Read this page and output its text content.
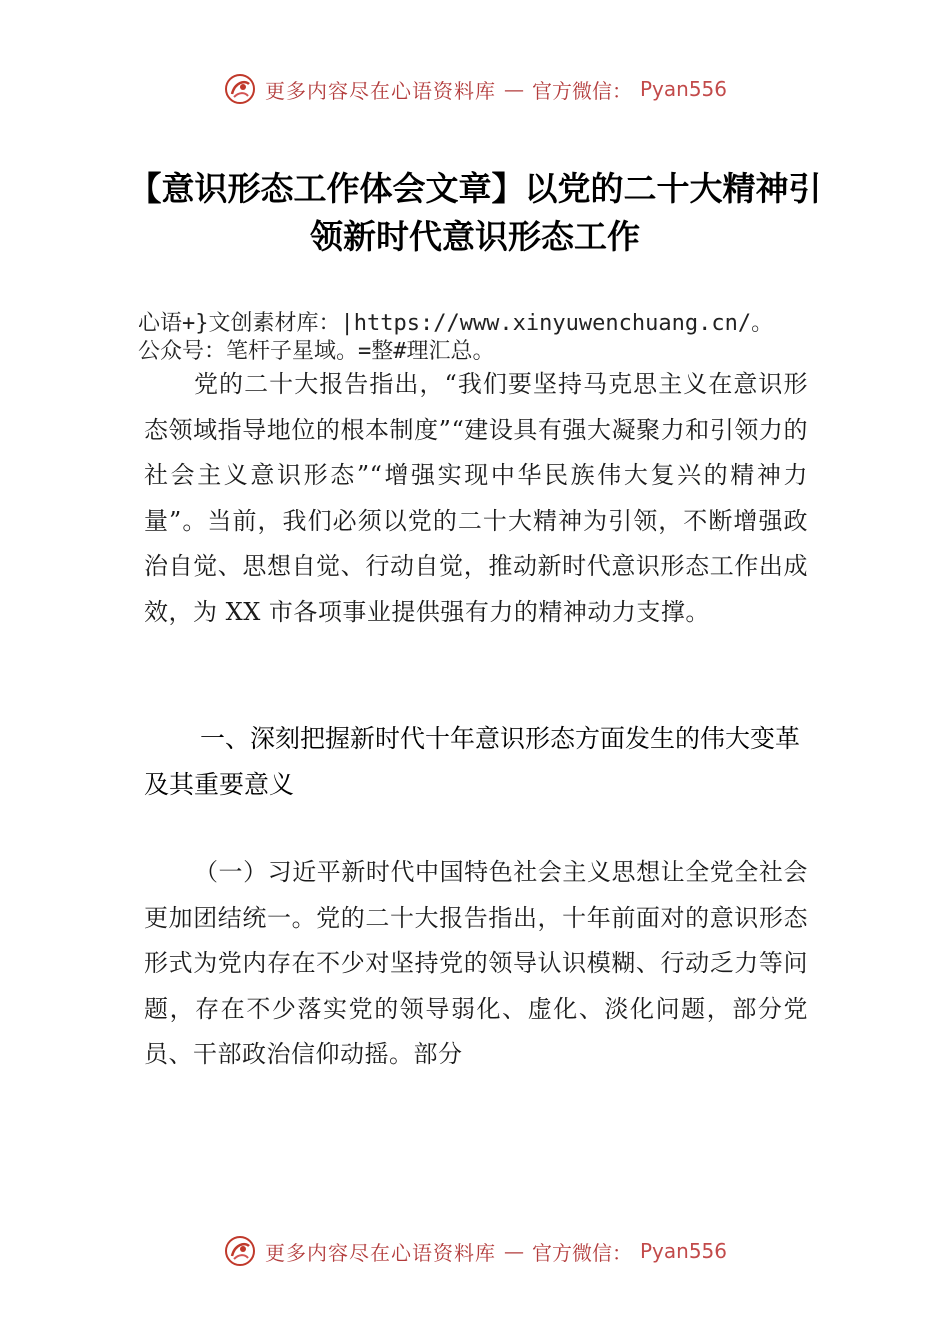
更多内容尽在心语资料库 — 官方微信： Pyan556
【意识形态工作体会文章】以党的二十大精神引领新时代意识形态工作
心语+}文创素材库：|https://www.xinyuwenchuang.cn/。
公众号：笔杆子星域。=整#理汇总。
党的二十大报告指出，“我们要坚持马克思主义在意识形态领域指导地位的根本制度”“建设具有强大凝聚力和引领力的社会主义意识形态”“增强实现中华民族伟大复兴的精神力量”。当前，我们必须以党的二十大精神为引领，不断增强政治自觉、思想自觉、行动自觉，推动新时代意识形态工作出成效，为 XX 市各项事业提供强有力的精神动力支撑。
一、深刻把握新时代十年意识形态方面发生的伟大变革及其重要意义
（一）习近平新时代中国特色社会主义思想让全党全社会更加团结统一。党的二十大报告指出，十年前面对的意识形态形式为党内存在不少对坚持党的领导认识模糊、行动乏力等问题，存在不少落实党的领导弱化、虚化、淡化问题，部分党员、干部政治信仰动摇。部分
更多内容尽在心语资料库 — 官方微信： Pyan556
